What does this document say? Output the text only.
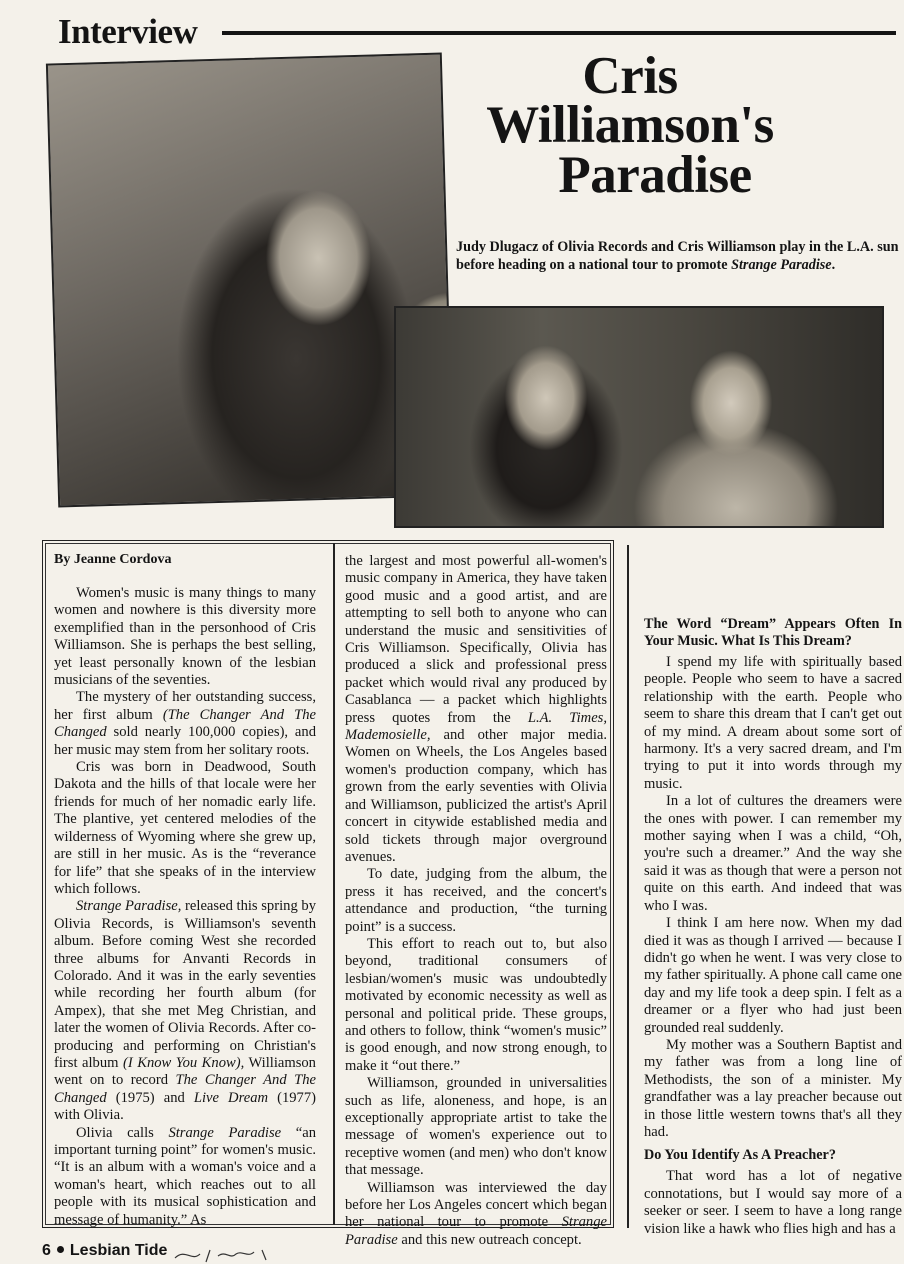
Interview
Cris
Williamson's
Paradise
Judy Dlugacz of Olivia Records and Cris Williamson play in the L.A. sun before heading on a national tour to promote Strange Paradise.
By Jeanne Cordova

Women's music is many things to many women and nowhere is this diversity more exemplified than in the personhood of Cris Williamson. She is perhaps the best selling, yet least personally known of the lesbian musicians of the seventies.

The mystery of her outstanding success, her first album (The Changer And The Changed sold nearly 100,000 copies), and her music may stem from her solitary roots.

Cris was born in Deadwood, South Dakota and the hills of that locale were her friends for much of her nomadic early life. The plantive, yet centered melodies of the wilderness of Wyoming where she grew up, are still in her music. As is the “reverance for life” that she speaks of in the interview which follows.

Strange Paradise, released this spring by Olivia Records, is Williamson's seventh album. Before coming West she recorded three albums for Anvanti Records in Colorado. And it was in the early seventies while recording her fourth album (for Ampex), that she met Meg Christian, and later the women of Olivia Records. After co-producing and performing on Christian's first album (I Know You Know), Williamson went on to record The Changer And The Changed (1975) and Live Dream (1977) with Olivia.

Olivia calls Strange Paradise “an important turning point” for women's music. “It is an album with a woman's voice and a woman's heart, which reaches out to all people with its musical sophistication and message of humanity.” As

the largest and most powerful all-women's music company in America, they have taken good music and a good artist, and are attempting to sell both to anyone who can understand the music and sensitivities of Cris Williamson. Specifically, Olivia has produced a slick and professional press packet which would rival any produced by Casablanca — a packet which highlights press quotes from the L.A. Times, Mademosielle, and other major media. Women on Wheels, the Los Angeles based women's production company, which has grown from the early seventies with Olivia and Williamson, publicized the artist's April concert in citywide established media and sold tickets through major overground avenues.

To date, judging from the album, the press it has received, and the concert's attendance and production, “the turning point” is a success.

This effort to reach out to, but also beyond, traditional consumers of lesbian/women's music was undoubtedly motivated by economic necessity as well as personal and political pride. These groups, and others to follow, think “women's music” is good enough, and now strong enough, to make it “out there.”

Williamson, grounded in universalities such as life, aloneness, and hope, is an exceptionally appropriate artist to take the message of women's experience out to receptive women (and men) who don't know that message.

Williamson was interviewed the day before her Los Angeles concert which began her national tour to promote Strange Paradise and this new outreach concept.

The Word “Dream” Appears Often In Your Music. What Is This Dream?

I spend my life with spiritually based people. People who seem to have a sacred relationship with the earth. People who seem to share this dream that I can't get out of my mind. A dream about some sort of harmony. It's a very sacred dream, and I'm trying to put it into words through my music.

In a lot of cultures the dreamers were the ones with power. I can remember my mother saying when I was a child, “Oh, you're such a dreamer.” And the way she said it was as though that were a person not quite on this earth. And indeed that was who I was.

I think I am here now. When my dad died it was as though I arrived — because I didn't go when he went. I was very close to my father spiritually. A phone call came one day and my life took a deep spin. I felt as a dreamer or a flyer who had just been grounded real suddenly.

My mother was a Southern Baptist and my father was from a long line of Methodists, the son of a minister. My grandfather was a lay preacher because out in those little western towns that's all they had.

Do You Identify As A Preacher?

That word has a lot of negative connotations, but I would say more of a seeker or seer. I seem to have a long range vision like a hawk who flies high and has a

6 Lesbian Tide
